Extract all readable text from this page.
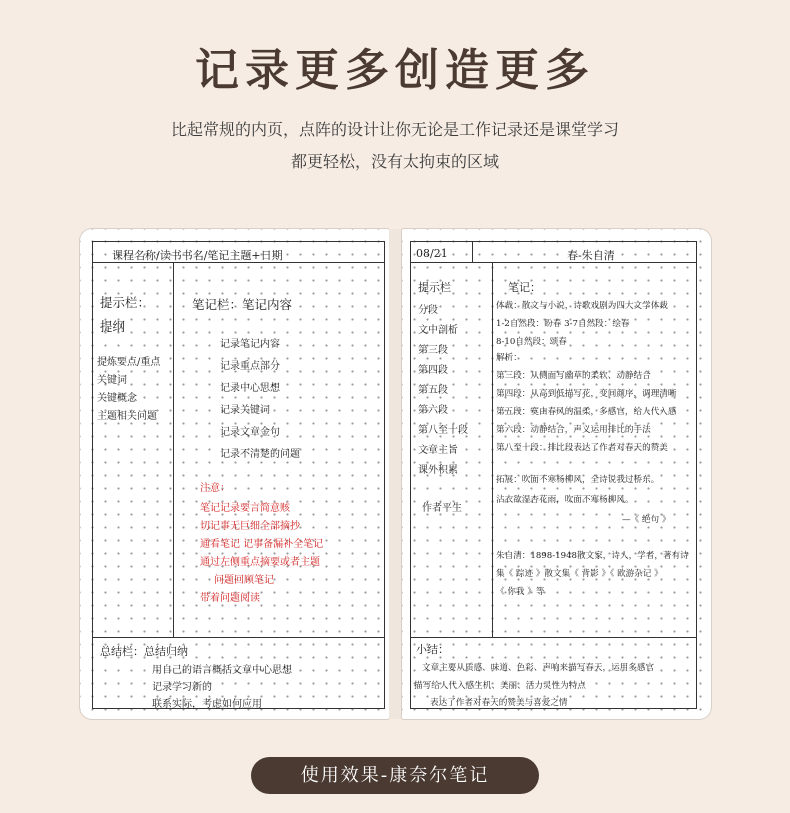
记录更多创造更多

比起常规的内页，点阵的设计让你无论是工作记录还是课堂学习

都更轻松，没有太拘束的区域

课程名称/读书书名/笔记主题+日期
提示栏：
提纲
提炼要点/重点
关键词
关键概念
主题相关问题
笔记栏：笔记内容
记录笔记内容
记录重点部分
记录中心思想
记录关键词
记录文章金句
记录不清楚的问题
注意：
笔记记录要言简意赅
切记事无巨细全部摘抄
通看笔记 记事备漏补全笔记
通过左侧重点摘要或者主题
问题回顾笔记
带着问题阅读
总结栏：总结归纳
用自己的语言概括文章中心思想
记录学习新的
联系实际，考虑如何应用
08/21	春-朱自清
提示栏
分段
文中剖析
第三段
第四段
第五段
第六段
第八至十段
文章主旨
课外积累
作者平生
笔记：
体裁：散文与小说，诗歌戏剧为四大文学体裁
1-2自然段：盼春 3-7自然段：绘春
8-10自然段：颂春
解析：
第三段：从侧面写幽草的柔软、动静结合
第四段：从高到低描写花，变间颜序，调理清晰
第五段：寞由春风的温柔，多感官，给人代入感
第六段：动静结合，声义运用排比的手法
第八至十段：排比段表达了作者对春天的赞美
拓展：吹面不寒杨柳风，全诗说我过桥东。
沾衣欲湿杏花雨，吹面不寒杨柳风。
—《 绝句 》
朱自清：1898-1948散文家，诗人，学者，著有诗
集《 踪迹 》散文集《 背影 》《 欧游杂记 》
《 你我 》等
小结：
文章主要从质感、味道、色彩、声响来描写春天，运用多感官
描写给人代入感生机、美丽、活力灵性为特点
表达了作者对春天的赞美与喜爱之情
使用效果-康奈尔笔记
